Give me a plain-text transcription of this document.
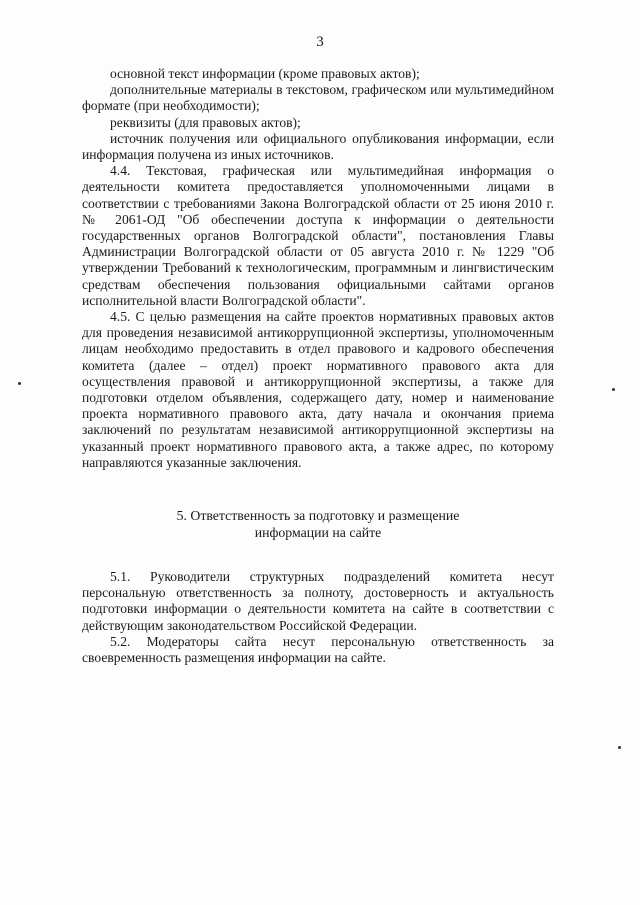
3

основной текст информации (кроме правовых актов);

дополнительные материалы в текстовом, графическом или мультимедийном формате (при необходимости);

реквизиты (для правовых актов);

источник получения или официального опубликования информации, если информация получена из иных источников.

4.4. Текстовая, графическая или мультимедийная информация о деятельности комитета предоставляется уполномоченными лицами в соответствии с требованиями Закона Волгоградской области от 25 июня 2010 г. № 2061-ОД "Об обеспечении доступа к информации о деятельности государственных органов Волгоградской области", постановления Главы Администрации Волгоградской области от 05 августа 2010 г. № 1229 "Об утверждении Требований к технологическим, программным и лингвистическим средствам обеспечения пользования официальными сайтами органов исполнительной власти Волгоградской области".

4.5. С целью размещения на сайте проектов нормативных правовых актов для проведения независимой антикоррупционной экспертизы, уполномоченным лицам необходимо предоставить в отдел правового и кадрового обеспечения комитета (далее – отдел) проект нормативного правового акта для осуществления правовой и антикоррупционной экспертизы, а также для подготовки отделом объявления, содержащего дату, номер и наименование проекта нормативного правового акта, дату начала и окончания приема заключений по результатам независимой антикоррупционной экспертизы на указанный проект нормативного правового акта, а также адрес, по которому направляются указанные заключения.

5. Ответственность за подготовку и размещение

информации на сайте

5.1. Руководители структурных подразделений комитета несут персональную ответственность за полноту, достоверность и актуальность подготовки информации о деятельности комитета на сайте в соответствии с действующим законодательством Российской Федерации.

5.2. Модераторы сайта несут персональную ответственность за своевременность размещения информации на сайте.
